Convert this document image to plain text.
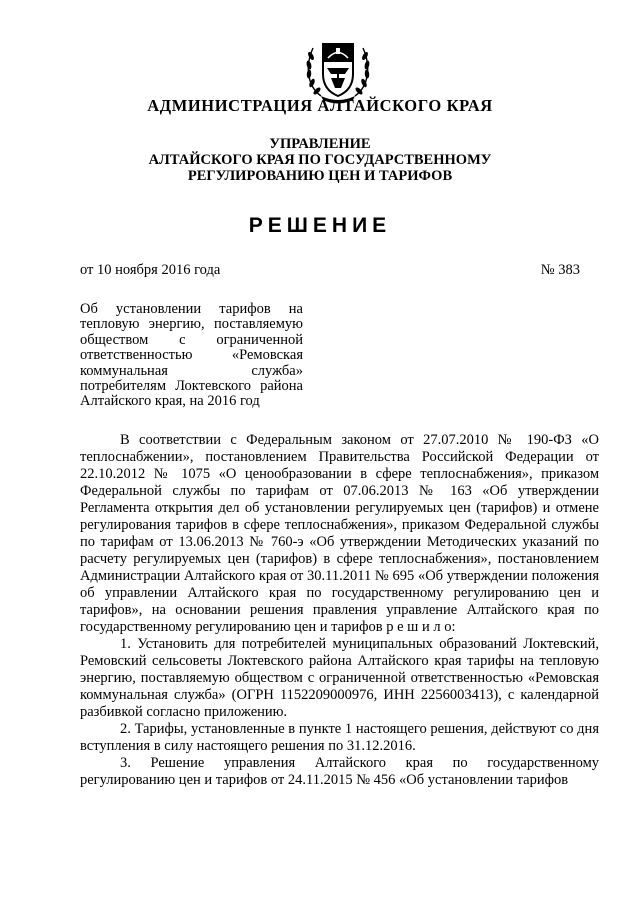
АДМИНИСТРАЦИЯ АЛТАЙСКОГО КРАЯ
УПРАВЛЕНИЕ
АЛТАЙСКОГО КРАЯ ПО ГОСУДАРСТВЕННОМУ
РЕГУЛИРОВАНИЮ ЦЕН И ТАРИФОВ
РЕШЕНИЕ
от 10 ноября 2016 года	№ 383
Об установлении тарифов на тепловую энергию, поставляемую обществом с ограниченной ответственностью «Ремовская коммунальная служба» потребителям Локтевского района Алтайского края, на 2016 год

В соответствии с Федеральным законом от 27.07.2010 № 190-ФЗ «О теплоснабжении», постановлением Правительства Российской Федерации от 22.10.2012 № 1075 «О ценообразовании в сфере теплоснабжения», приказом Федеральной службы по тарифам от 07.06.2013 № 163 «Об утверждении Регламента открытия дел об установлении регулируемых цен (тарифов) и отмене регулирования тарифов в сфере теплоснабжения», приказом Федеральной службы по тарифам от 13.06.2013 № 760-э «Об утверждении Методических указаний по расчету регулируемых цен (тарифов) в сфере теплоснабжения», постановлением Администрации Алтайского края от 30.11.2011 № 695 «Об утверждении положения об управлении Алтайского края по государственному регулированию цен и тарифов», на основании решения правления управление Алтайского края по государственному регулированию цен и тарифов р е ш и л о:

1. Установить для потребителей муниципальных образований Локтевский, Ремовский сельсоветы Локтевского района Алтайского края тарифы на тепловую энергию, поставляемую обществом с ограниченной ответственностью «Ремовская коммунальная служба» (ОГРН 1152209000976, ИНН 2256003413), с календарной разбивкой согласно приложению.

2. Тарифы, установленные в пункте 1 настоящего решения, действуют со дня вступления в силу настоящего решения по 31.12.2016.

3. Решение управления Алтайского края по государственному регулированию цен и тарифов от 24.11.2015 № 456 «Об установлении тарифов
